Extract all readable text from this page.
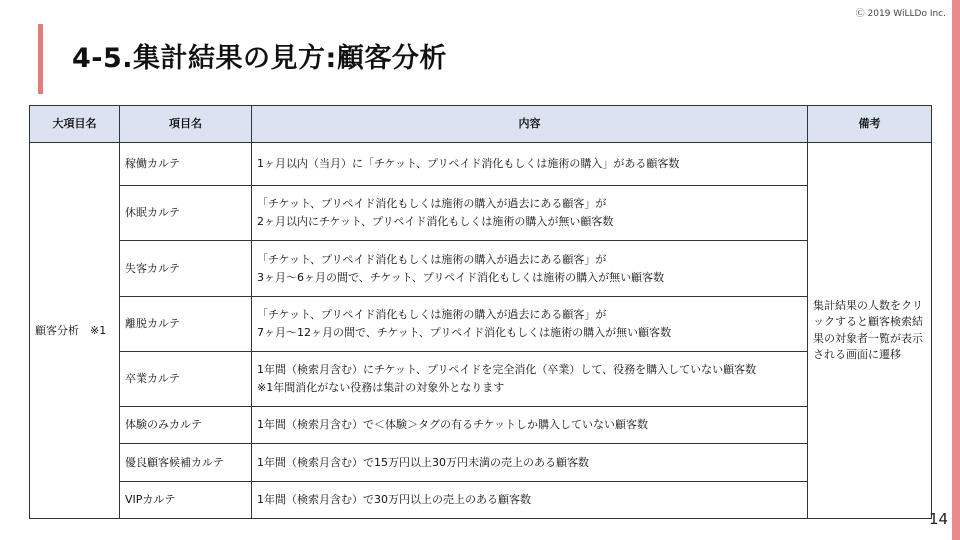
Ⓒ 2019 WiLLDo Inc.
4-5.集計結果の見方:顧客分析
大項目名	項目名	内容	備考
顧客分析　※1	稼働カルテ	1ヶ月以内（当月）に「チケット、プリペイド消化もしくは施術の購入」がある顧客数	集計結果の人数をクリックすると顧客検索結果の対象者一覧が表示される画面に遷移
	休眠カルテ	「チケット、プリペイド消化もしくは施術の購入が過去にある顧客」が
2ヶ月以内にチケット、プリペイド消化もしくは施術の購入が無い顧客数	

	失客カルテ	「チケット、プリペイド消化もしくは施術の購入が過去にある顧客」が
3ヶ月～6ヶ月の間で、チケット、プリペイド消化もしくは施術の購入が無い顧客数	

	離脱カルテ	「チケット、プリペイド消化もしくは施術の購入が過去にある顧客」が
7ヶ月～12ヶ月の間で、チケット、プリペイド消化もしくは施術の購入が無い顧客数	

	卒業カルテ	1年間（検索月含む）にチケット、プリペイドを完全消化（卒業）して、役務を購入していない顧客数
※1年間消化がない役務は集計の対象外となります	

	体験のみカルテ	1年間（検索月含む）で＜体験＞タグの有るチケットしか購入していない顧客数	

	優良顧客候補カルテ	1年間（検索月含む）で15万円以上30万円未満の売上のある顧客数	

	VIPカルテ	1年間（検索月含む）で30万円以上の売上のある顧客数	
14
